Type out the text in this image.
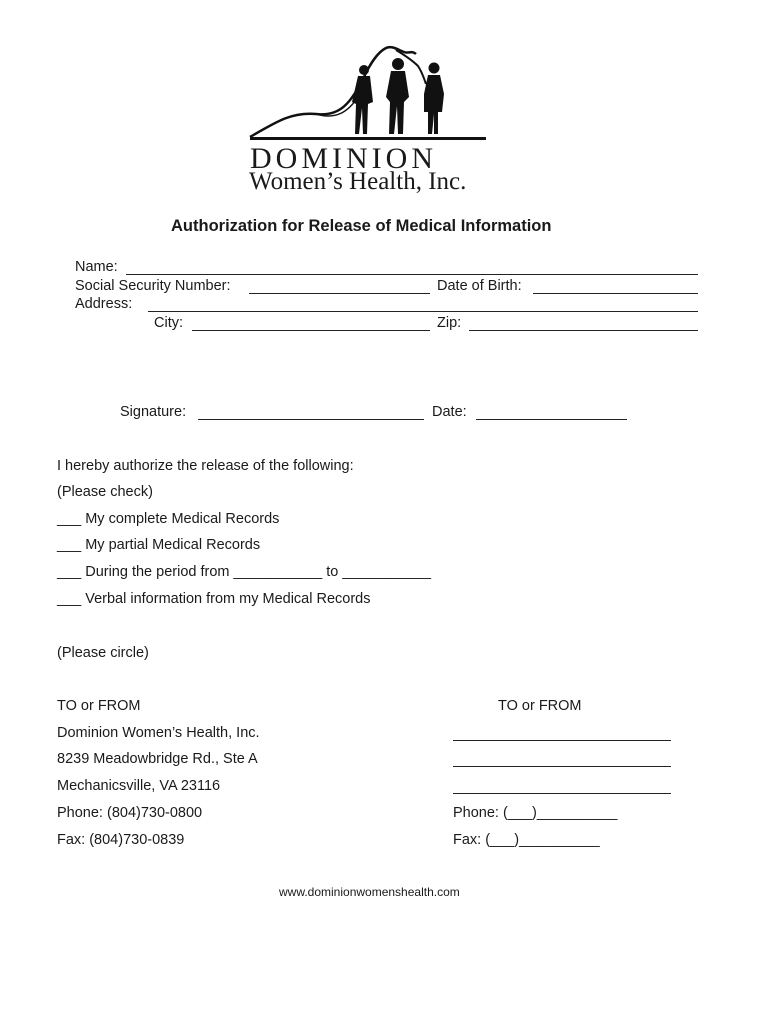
DOMINION
Women’s Health, Inc.
Authorization for Release of Medical Information
Name:
Social Security Number:	Date of Birth:
Address:
City:	Zip:
Signature:	Date:
I hereby authorize the release of the following:
(Please check)
___ My complete Medical Records
___ My partial Medical Records
___ During the period from ___________ to ___________
___ Verbal information from my Medical Records
(Please circle)
TO or FROM
Dominion Women’s Health, Inc.
8239 Meadowbridge Rd., Ste A
Mechanicsville, VA 23116
Phone: (804)730-0800
Fax: (804)730-0839
TO or FROM
Phone: (___)__________
Fax: (___)__________
www.dominionwomenshealth.com
